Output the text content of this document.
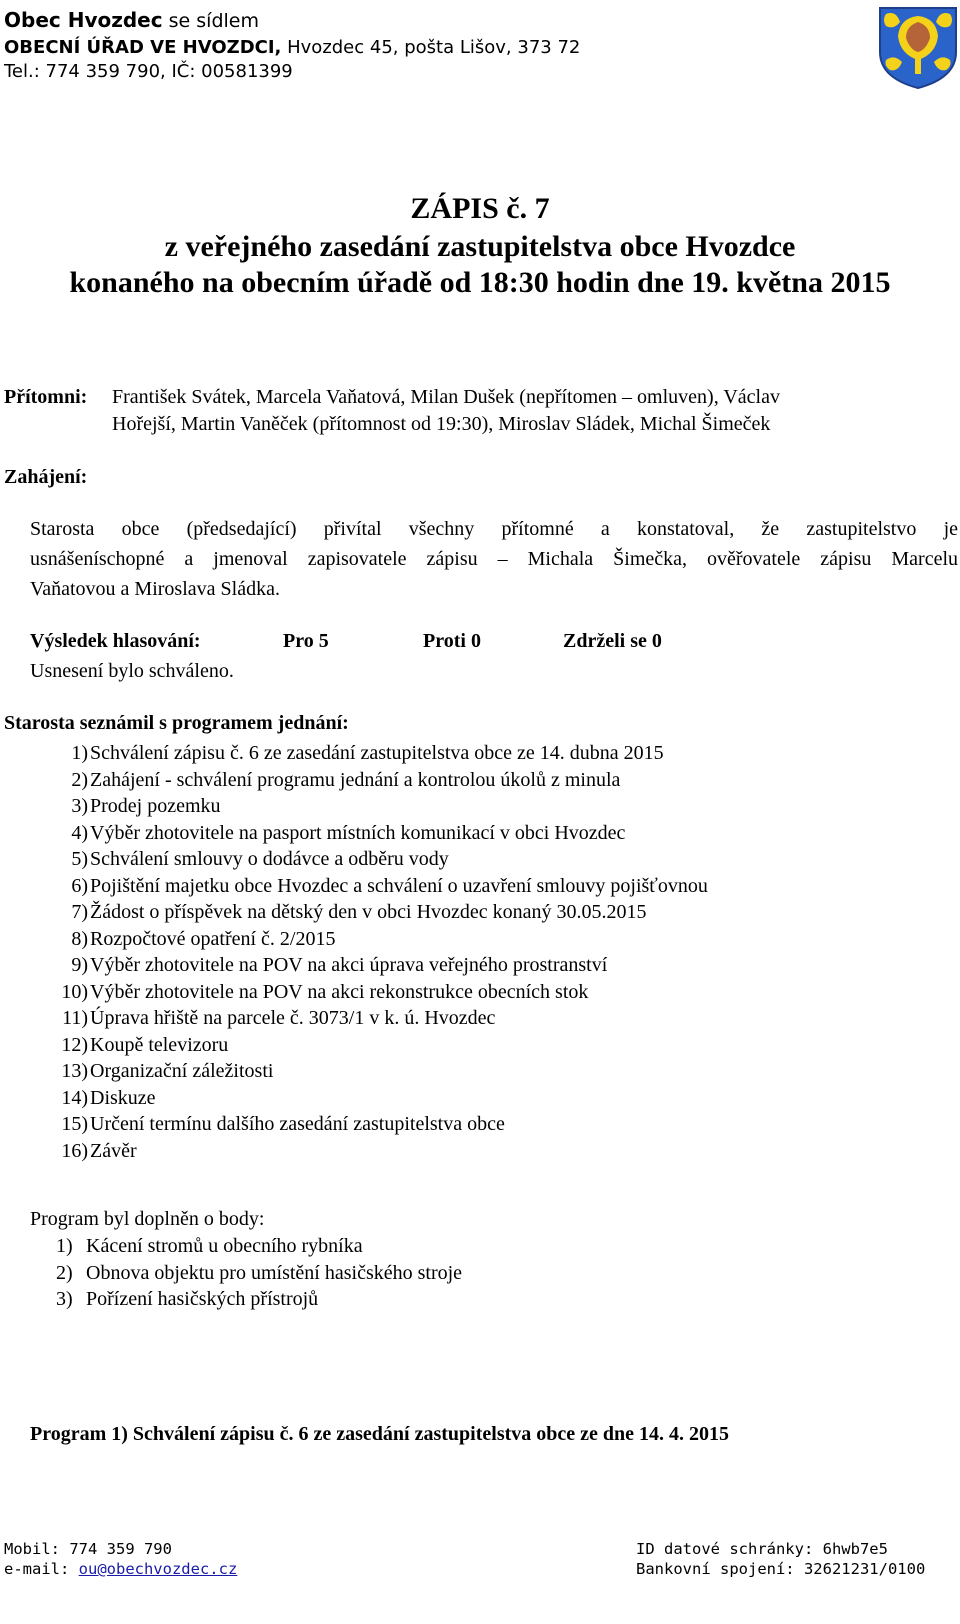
Obec Hvozdec se sídlem
OBECNÍ ÚŘAD VE HVOZDCI, Hvozdec 45, pošta Lišov, 373 72
Tel.: 774 359 790, IČ: 00581399
ZÁPIS č. 7
z veřejného zasedání zastupitelstva obce Hvozdce
konaného na obecním úřadě od 18:30 hodin dne 19. května 2015
Přítomni: František Svátek, Marcela Vaňatová, Milan Dušek (nepřítomen – omluven), Václav
Hořejší, Martin Vaněček (přítomnost od 19:30), Miroslav Sládek, Michal Šimeček
Zahájení:
Starosta obce (předsedající) přivítal všechny přítomné a konstatoval, že zastupitelstvo je
usnášeníschopné a jmenoval zapisovatele zápisu – Michala Šimečka, ověřovatele zápisu Marcelu
Vaňatovou a Miroslava Sládka.
Výsledek hlasování:	Pro 5	Proti 0	Zdrželi se 0
Usnesení bylo schváleno.
Starosta seznámil s programem jednání:
1) Schválení zápisu č. 6 ze zasedání zastupitelstva obce ze 14. dubna 2015
2) Zahájení - schválení programu jednání a kontrolou úkolů z minula
3) Prodej pozemku
4) Výběr zhotovitele na pasport místních komunikací v obci Hvozdec
5) Schválení smlouvy o dodávce a odběru vody
6) Pojištění majetku obce Hvozdec a schválení o uzavření smlouvy pojišťovnou
7) Žádost o příspěvek na dětský den v obci Hvozdec konaný 30.05.2015
8) Rozpočtové opatření č. 2/2015
9) Výběr zhotovitele na POV na akci úprava veřejného prostranství
10) Výběr zhotovitele na POV na akci rekonstrukce obecních stok
11) Úprava hřiště na parcele č. 3073/1 v k. ú. Hvozdec
12) Koupě televizoru
13) Organizační záležitosti
14) Diskuze
15) Určení termínu dalšího zasedání zastupitelstva obce
16) Závěr
Program byl doplněn o body:
1) Kácení stromů u obecního rybníka
2) Obnova objektu pro umístění hasičského stroje
3) Pořízení hasičských přístrojů
Program 1) Schválení zápisu č. 6 ze zasedání zastupitelstva obce ze dne 14. 4. 2015
Mobil: 774 359 790
e-mail: ou@obechvozdec.cz
ID datové schránky: 6hwb7e5
Bankovní spojení: 32621231/0100
